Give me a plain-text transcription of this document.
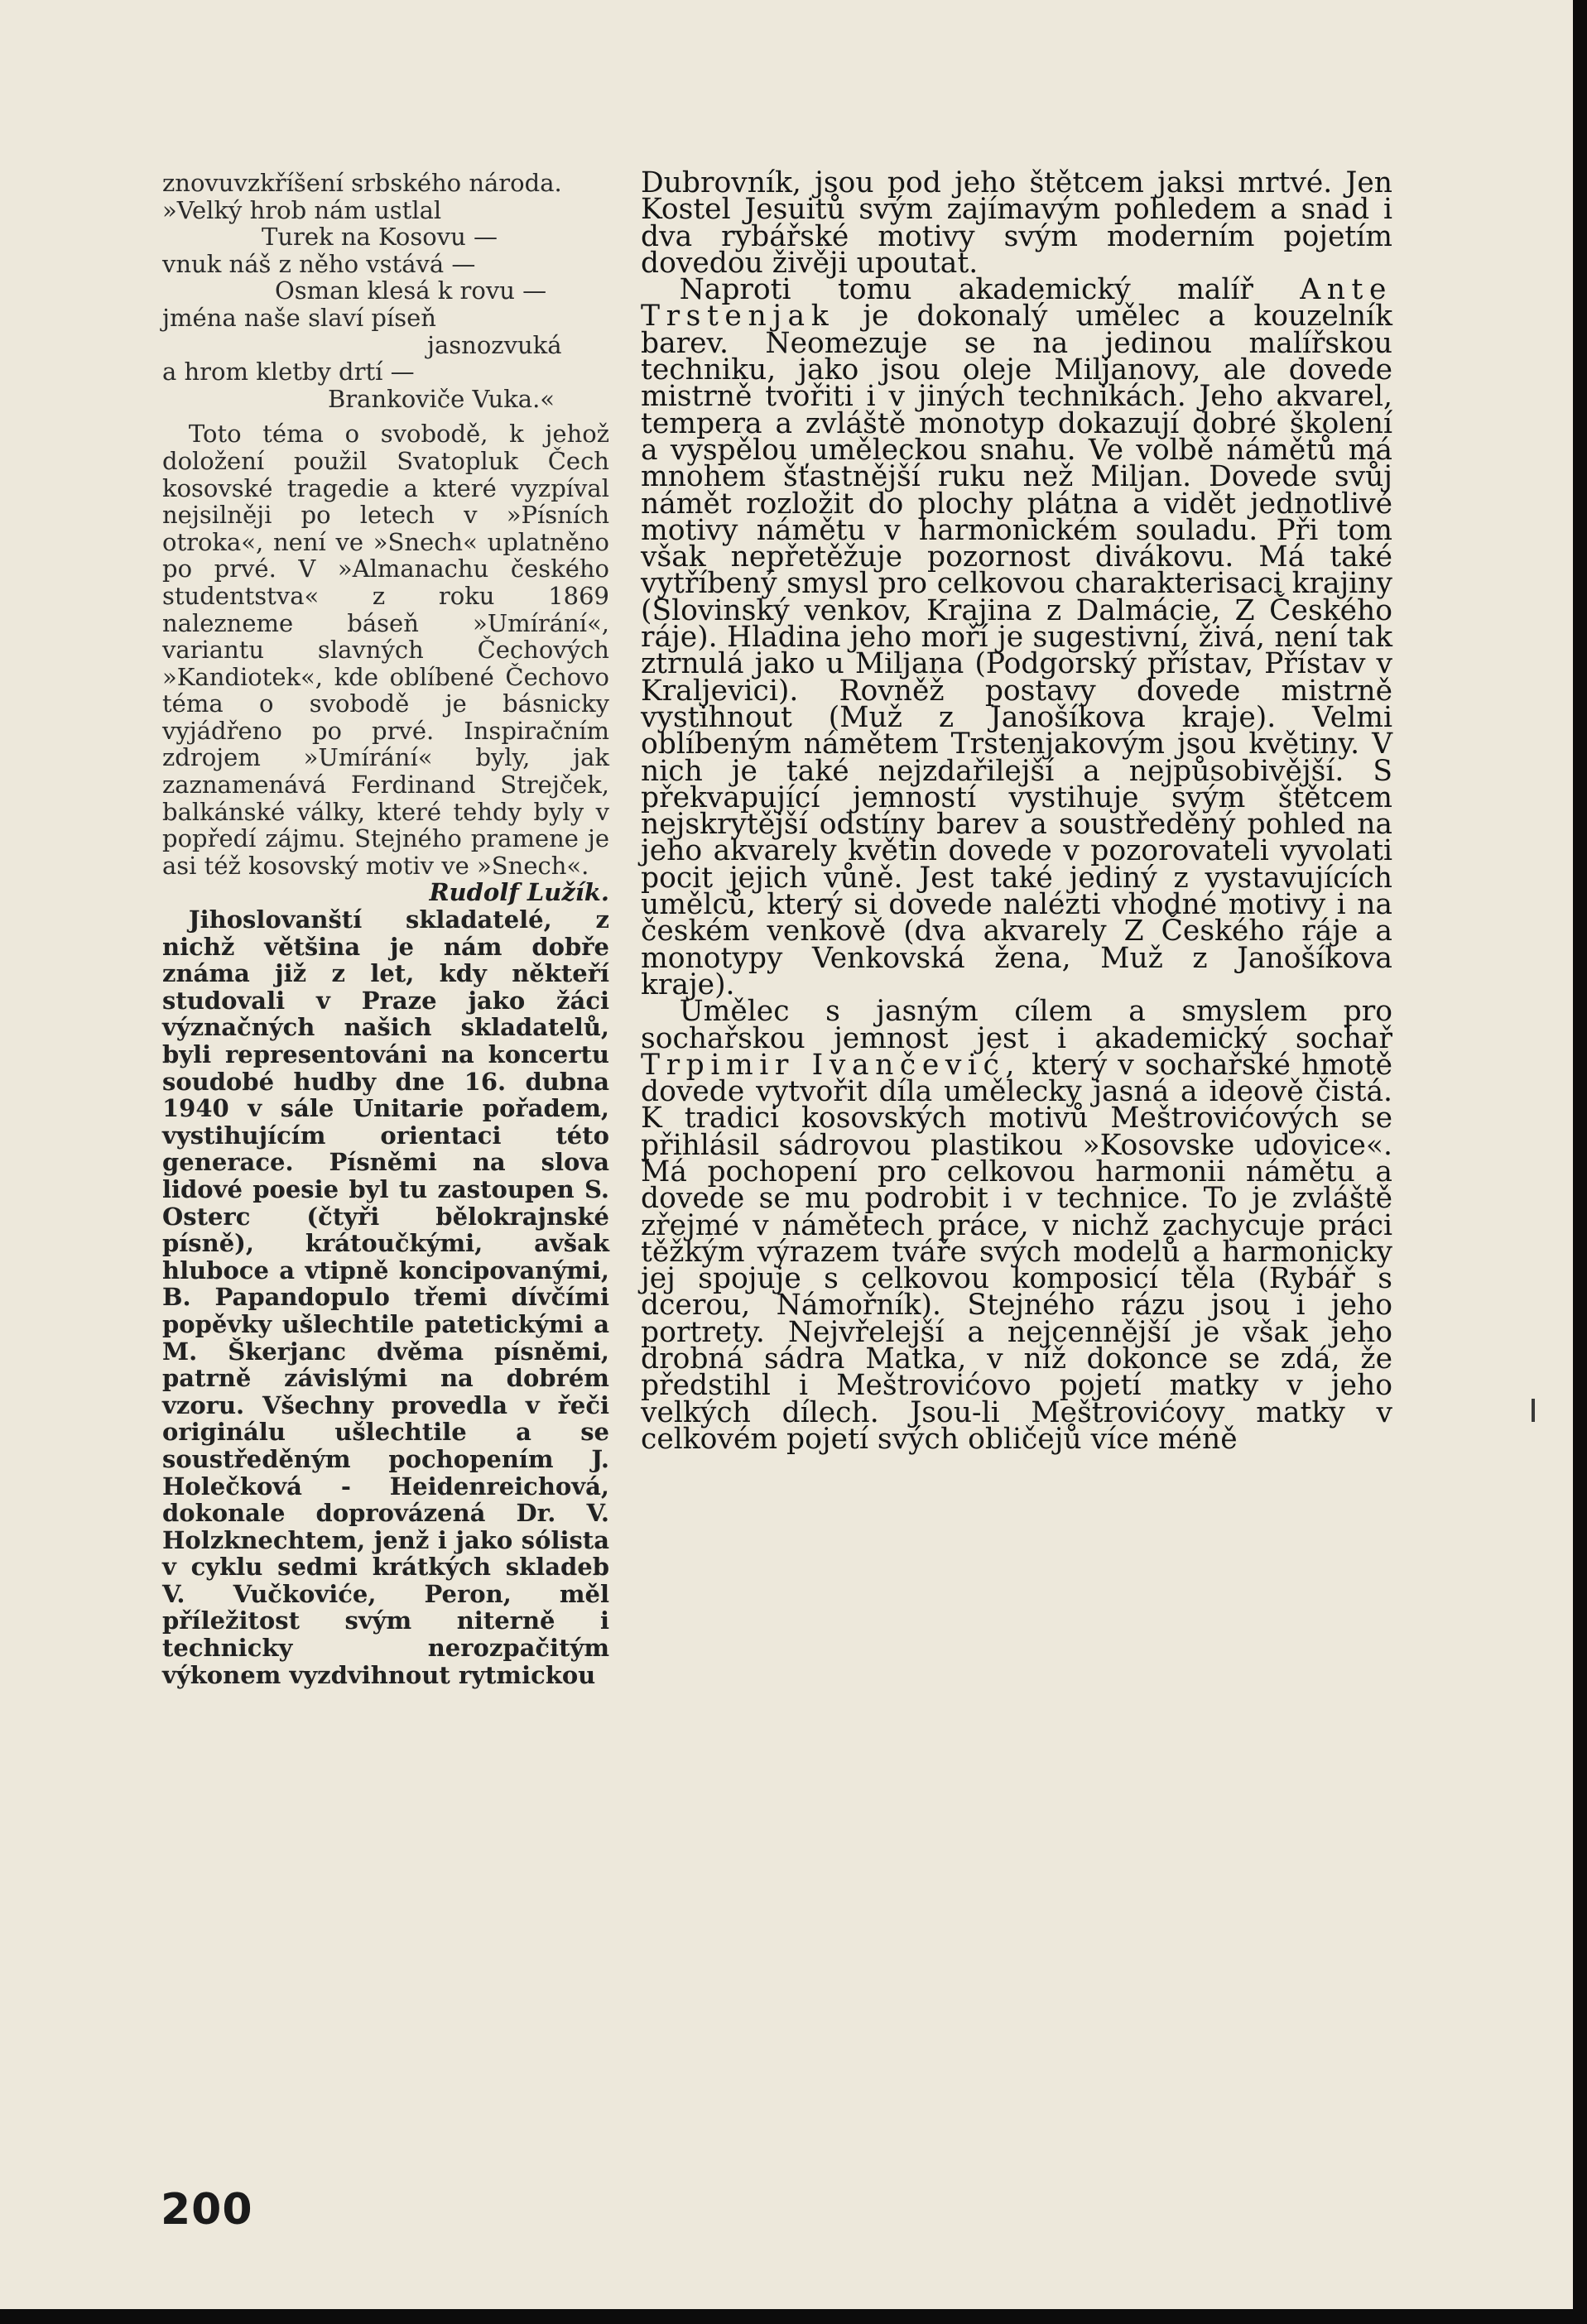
znovuvzkříšení srbského národa.

»Velký hrob nám ustlal
Turek na Kosovu —
vnuk náš z něho vstává —
Osman klesá k rovu —
jména naše slaví píseň
jasnozvuká
a hrom kletby drtí —
Brankoviče Vuka.«

Toto téma o svobodě, k jehož doložení použil Svatopluk Čech kosovské tragedie a které vyzpíval nejsilněji po letech v »Písních otroka«, není ve »Snech« uplatněno po prvé. V »Almanachu českého studentstva« z roku 1869 nalezneme báseň »Umírání«, variantu slavných Čechových »Kandiotek«, kde oblíbené Čechovo téma o svobodě je básnicky vyjádřeno po prvé. Inspiračním zdrojem »Umírání« byly, jak zaznamenává Ferdinand Strejček, balkánské války, které tehdy byly v popředí zájmu. Stejného pramene je asi též kosovský motiv ve »Snech«.

Rudolf Lužík.

Jihoslovanští skladatelé, z nichž většina je nám dobře známa již z let, kdy někteří studovali v Praze jako žáci význačných našich skladatelů, byli representováni na koncertu soudobé hudby dne 16. dubna 1940 v sále Unitarie pořadem, vystihujícím orientaci této generace. Písněmi na slova lidové poesie byl tu zastoupen S. Osterc (čtyři bělokrajnské písně), krátoučkými, avšak hluboce a vtipně koncipovanými, B. Papandopulo třemi dívčími popěvky ušlechtile patetickými a M. Škerjanc dvěma písněmi, patrně závislými na dobrém vzoru. Všechny provedla v řeči originálu ušlechtile a se soustředěným pochopením J. Holečková - Heidenreichová, dokonale doprovázená Dr. V. Holzknechtem, jenž i jako sólista v cyklu sedmi krátkých skladeb V. Vučkoviće, Peron, měl příležitost svým niterně i technicky nerozpačitým výkonem vyzdvihnout rytmickou

Dubrovník, jsou pod jeho štětcem jaksi mrtvé. Jen Kostel Jesuitů svým zajímavým pohledem a snad i dva rybářské motivy svým moderním pojetím dovedou živěji upoutat.

Naproti tomu akademický malíř Ante Trstenjak je dokonalý umělec a kouzelník barev. Neomezuje se na jedinou malířskou techniku, jako jsou oleje Miljanovy, ale dovede mistrně tvořiti i v jiných technikách. Jeho akvarel, tempera a zvláště monotyp dokazují dobré školení a vyspělou uměleckou snahu. Ve volbě námětů má mnohem šťastnější ruku než Miljan. Dovede svůj námět rozložit do plochy plátna a vidět jednotlivé motivy námětu v harmonickém souladu. Při tom však nepřetěžuje pozornost divákovu. Má také vytříbený smysl pro celkovou charakterisaci krajiny (Slovinský venkov, Krajina z Dalmácie, Z Českého ráje). Hladina jeho moří je sugestivní, živá, není tak ztrnulá jako u Miljana (Podgorský přístav, Přístav v Kraljevici). Rovněž postavy dovede mistrně vystihnout (Muž z Janošíkova kraje). Velmi oblíbeným námětem Trstenjakovým jsou květiny. V nich je také nejzdařilejší a nejpůsobivější. S překvapující jemností vystihuje svým štětcem nejskrytější odstíny barev a soustředěný pohled na jeho akvarely květin dovede v pozorovateli vyvolati pocit jejich vůně. Jest také jediný z vystavujících umělců, který si dovede nalézti vhodné motivy i na českém venkově (dva akvarely Z Českého ráje a monotypy Venkovská žena, Muž z Janošíkova kraje).

Umělec s jasným cílem a smyslem pro sochařskou jemnost jest i akademický sochař Trpimir Ivančević, který v sochařské hmotě dovede vytvořit díla umělecky jasná a ideově čistá. K tradici kosovských motivů Meštrovićových se přihlásil sádrovou plastikou »Kosovske udovice«. Má pochopení pro celkovou harmonii námětu a dovede se mu podrobit i v technice. To je zvláště zřejmé v námětech práce, v nichž zachycuje práci těžkým výrazem tváře svých modelů a harmonicky jej spojuje s celkovou komposicí těla (Rybář s dcerou, Námořník). Stejného rázu jsou i jeho portrety. Nejvřelejší a nejcennější je však jeho drobná sádra Matka, v níž dokonce se zdá, že předstihl i Meštrovićovo pojetí matky v jeho velkých dílech. Jsou-li Meštrovićovy matky v celkovém pojetí svých obličejů více méně

200
